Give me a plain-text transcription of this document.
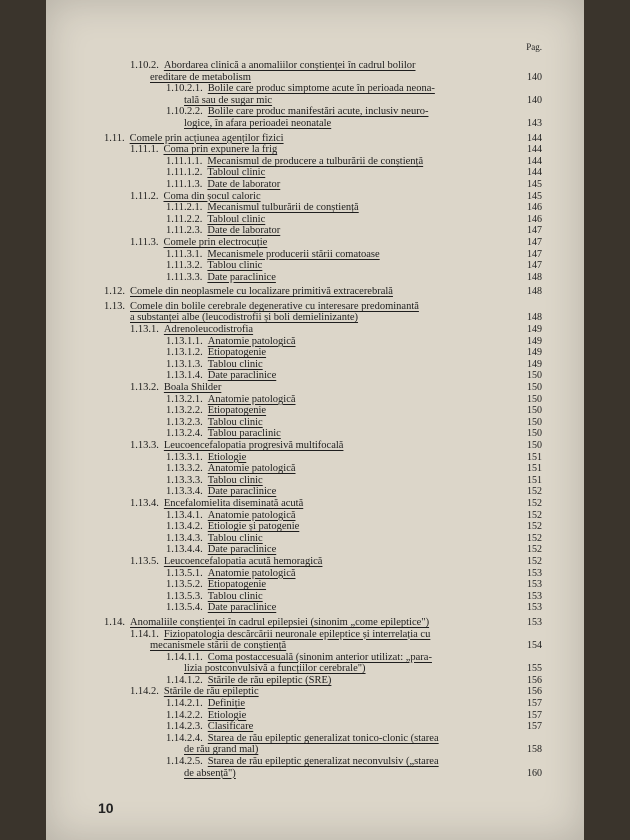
Pag.
1.10.2. Abordarea clinică a anomaliilor conștienței în cadrul bolilor
ereditare de metabolism	140
1.10.2.1. Bolile care produc simptome acute în perioada neona-
tală sau de sugar mic	140
1.10.2.2. Bolile care produc manifestări acute, inclusiv neuro-
logice, în afara perioadei neonatale	143
1.11. Comele prin acțiunea agenților fizici	144
1.11.1. Coma prin expunere la frig	144
1.11.1.1. Mecanismul de producere a tulburării de conștiență	144
1.11.1.2. Tabloul clinic	144
1.11.1.3. Date de laborator	145
1.11.2. Coma din șocul caloric	145
1.11.2.1. Mecanismul tulburării de conștiență	146
1.11.2.2. Tabloul clinic	146
1.11.2.3. Date de laborator	147
1.11.3. Comele prin electrocuție	147
1.11.3.1. Mecanismele producerii stării comatoase	147
1.11.3.2. Tablou clinic	147
1.11.3.3. Date paraclinice	148
1.12. Comele din neoplasmele cu localizare primitivă extracerebrală	148
1.13. Comele din bolile cerebrale degenerative cu interesare predominantă
a substanței albe (leucodistrofii și boli demielinizante)	148
1.13.1. Adrenoleucodistrofia	149
1.13.1.1. Anatomie patologică	149
1.13.1.2. Etiopatogenie	149
1.13.1.3. Tablou clinic	149
1.13.1.4. Date paraclinice	150
1.13.2. Boala Shilder	150
1.13.2.1. Anatomie patologică	150
1.13.2.2. Etiopatogenie	150
1.13.2.3. Tablou clinic	150
1.13.2.4. Tablou paraclinic	150
1.13.3. Leucoencefalopatia progresivă multifocală	150
1.13.3.1. Etiologie	151
1.13.3.2. Anatomie patologică	151
1.13.3.3. Tablou clinic	151
1.13.3.4. Date paraclinice	152
1.13.4. Encefalomielita diseminată acută	152
1.13.4.1. Anatomie patologică	152
1.13.4.2. Etiologie și patogenie	152
1.13.4.3. Tablou clinic	152
1.13.4.4. Date paraclinice	152
1.13.5. Leucoencefalopatia acută hemoragică	152
1.13.5.1. Anatomie patologică	153
1.13.5.2. Etiopatogenie	153
1.13.5.3. Tablou clinic	153
1.13.5.4. Date paraclinice	153
1.14. Anomaliile conștienței în cadrul epilepsiei (sinonim „come epileptice")	153
1.14.1. Fiziopatologia descărcării neuronale epileptice și interrelația cu
mecanismele stării de conștiență	154
1.14.1.1. Coma postaccesuală (sinonim anterior utilizat: „para-
lizia postconvulsivă a funcțiilor cerebrale")	155
1.14.1.2. Stările de rău epileptic (SRE)	156
1.14.2. Stările de rău epileptic	156
1.14.2.1. Definiție	157
1.14.2.2. Etiologie	157
1.14.2.3. Clasificare	157
1.14.2.4. Starea de rău epileptic generalizat tonico-clonic (starea
de rău grand mal)	158
1.14.2.5. Starea de rău epileptic generalizat neconvulsiv („starea
de absență")	160
10
